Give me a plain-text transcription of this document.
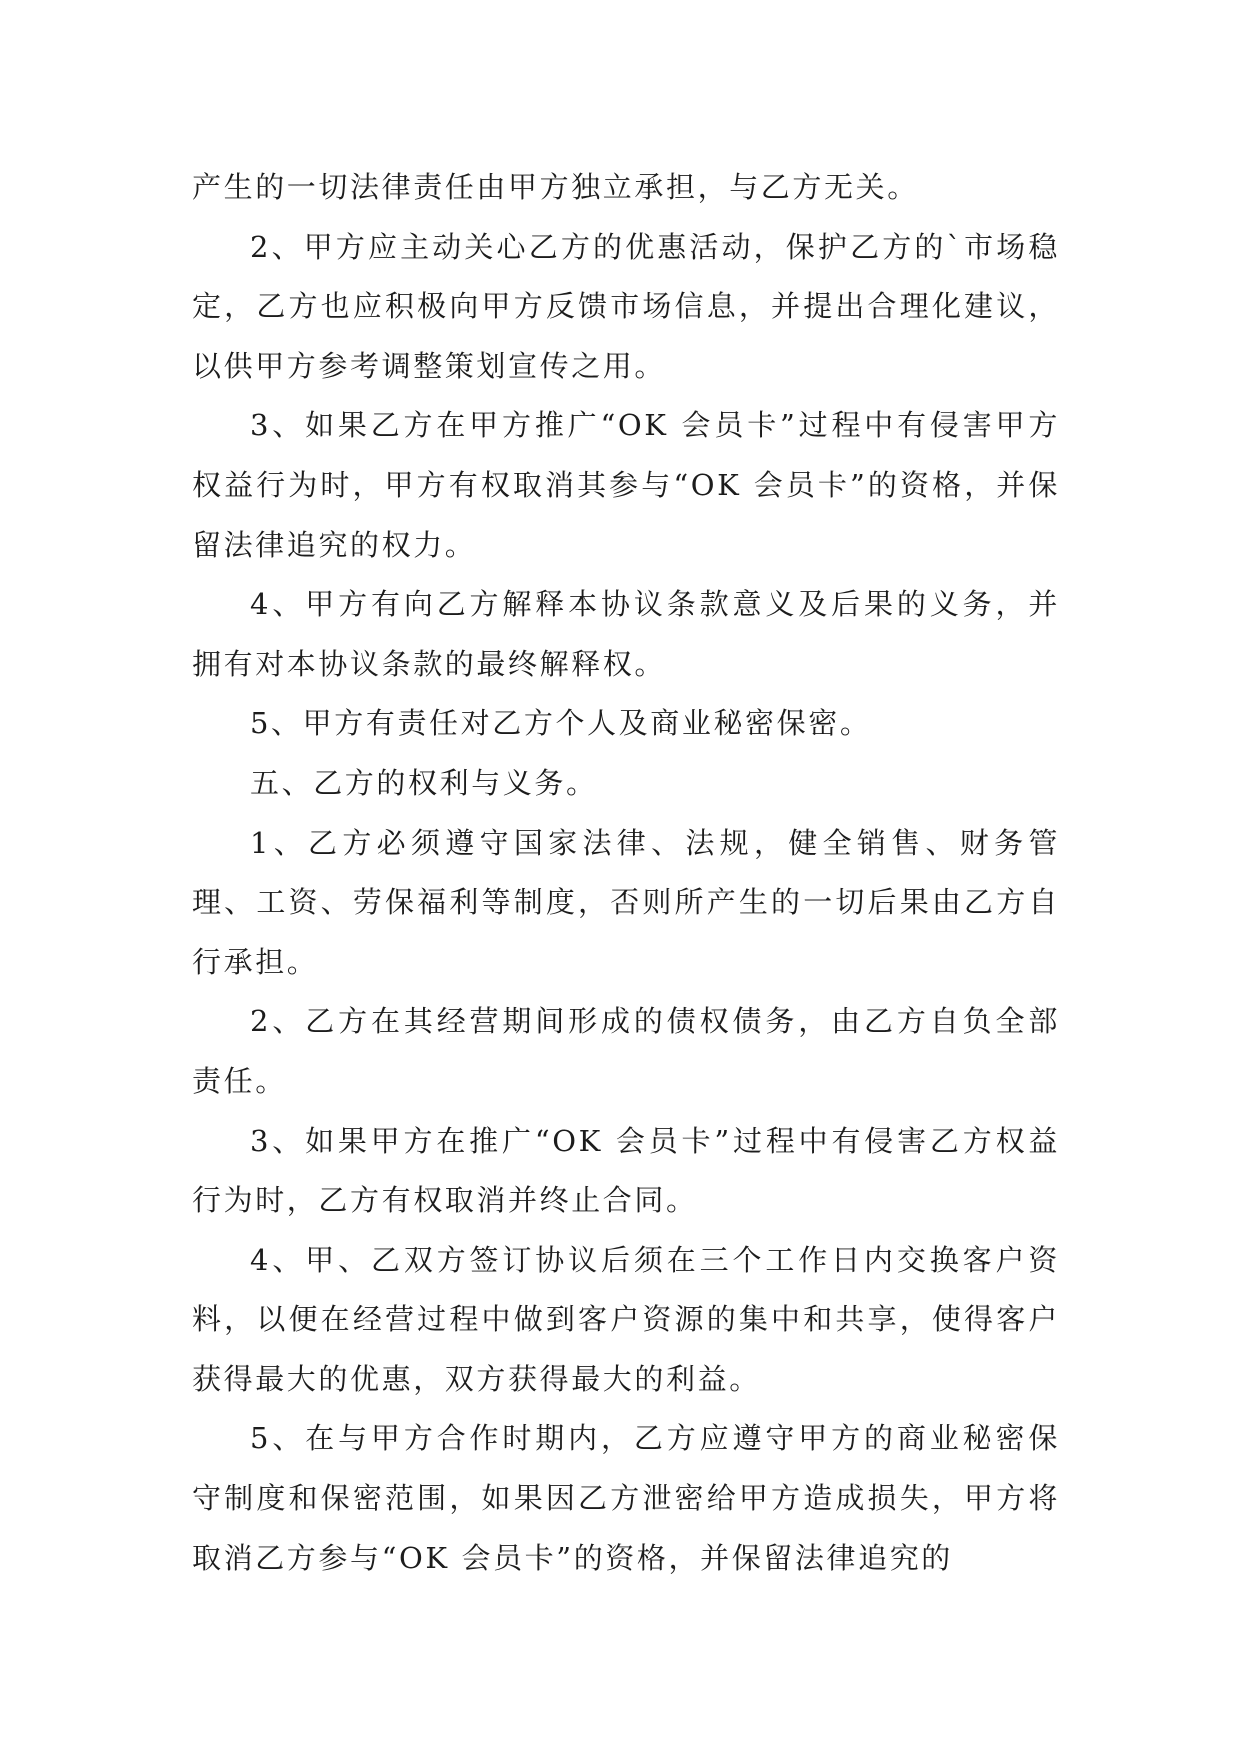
产生的一切法律责任由甲方独立承担，与乙方无关。

2、甲方应主动关心乙方的优惠活动，保护乙方的`市场稳定，乙方也应积极向甲方反馈市场信息，并提出合理化建议，以供甲方参考调整策划宣传之用。

3、如果乙方在甲方推广“OK 会员卡”过程中有侵害甲方权益行为时，甲方有权取消其参与“OK 会员卡”的资格，并保留法律追究的权力。

4、甲方有向乙方解释本协议条款意义及后果的义务，并拥有对本协议条款的最终解释权。

5、甲方有责任对乙方个人及商业秘密保密。

五、乙方的权利与义务。

1、乙方必须遵守国家法律、法规，健全销售、财务管理、工资、劳保福利等制度，否则所产生的一切后果由乙方自行承担。

2、乙方在其经营期间形成的债权债务，由乙方自负全部责任。

3、如果甲方在推广“OK 会员卡”过程中有侵害乙方权益行为时，乙方有权取消并终止合同。

4、甲、乙双方签订协议后须在三个工作日内交换客户资料，以便在经营过程中做到客户资源的集中和共享，使得客户获得最大的优惠，双方获得最大的利益。

5、在与甲方合作时期内，乙方应遵守甲方的商业秘密保守制度和保密范围，如果因乙方泄密给甲方造成损失，甲方将取消乙方参与“OK 会员卡”的资格，并保留法律追究的
